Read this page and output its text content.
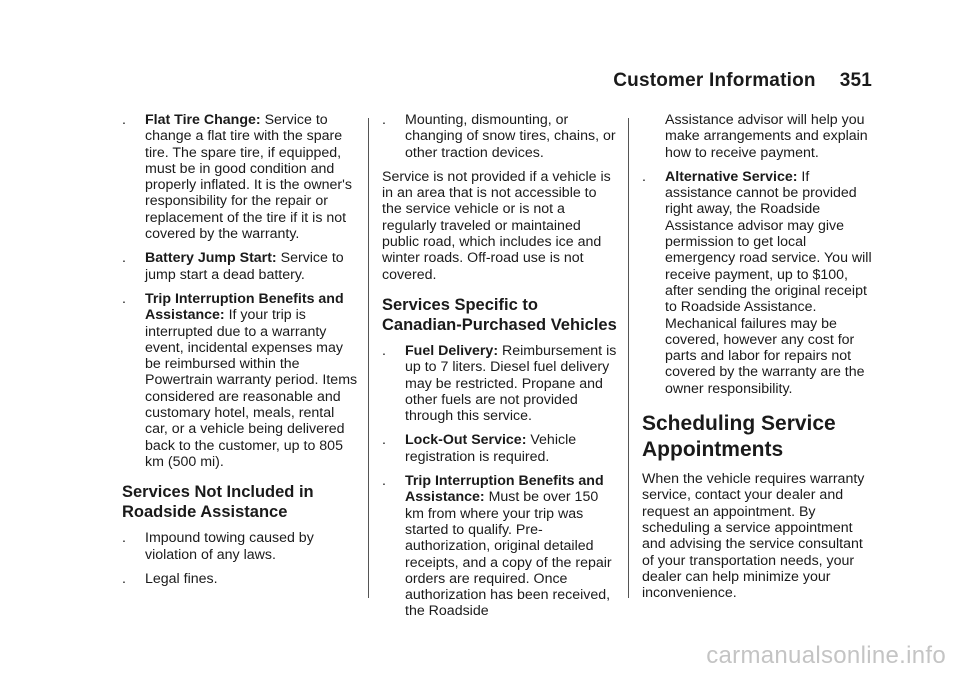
Customer Information 351
.	Flat Tire Change: Service to change a flat tire with the spare tire. The spare tire, if equipped, must be in good condition and properly inflated. It is the owner's responsibility for the repair or replacement of the tire if it is not covered by the warranty.
.	Battery Jump Start: Service to jump start a dead battery.
.	Trip Interruption Benefits and Assistance: If your trip is interrupted due to a warranty event, incidental expenses may be reimbursed within the Powertrain warranty period. Items considered are reasonable and customary hotel, meals, rental car, or a vehicle being delivered back to the customer, up to 805 km (500 mi).
Services Not Included in Roadside Assistance
.	Impound towing caused by violation of any laws.
.	Legal fines.
.	Mounting, dismounting, or changing of snow tires, chains, or other traction devices.

Service is not provided if a vehicle is in an area that is not accessible to the service vehicle or is not a regularly traveled or maintained public road, which includes ice and winter roads. Off-road use is not covered.

Services Specific to Canadian-Purchased Vehicles
.	Fuel Delivery: Reimbursement is up to 7 liters. Diesel fuel delivery may be restricted. Propane and other fuels are not provided through this service.
.	Lock-Out Service: Vehicle registration is required.
.	Trip Interruption Benefits and Assistance: Must be over 150 km from where your trip was started to qualify. Pre-authorization, original detailed receipts, and a copy of the repair orders are required. Once authorization has been received, the Roadside
Assistance advisor will help you make arrangements and explain how to receive payment.
.	Alternative Service: If assistance cannot be provided right away, the Roadside Assistance advisor may give permission to get local emergency road service. You will receive payment, up to $100, after sending the original receipt to Roadside Assistance. Mechanical failures may be covered, however any cost for parts and labor for repairs not covered by the warranty are the owner responsibility.
Scheduling Service Appointments

When the vehicle requires warranty service, contact your dealer and request an appointment. By scheduling a service appointment and advising the service consultant of your transportation needs, your dealer can help minimize your inconvenience.

carmanualsonline.info
